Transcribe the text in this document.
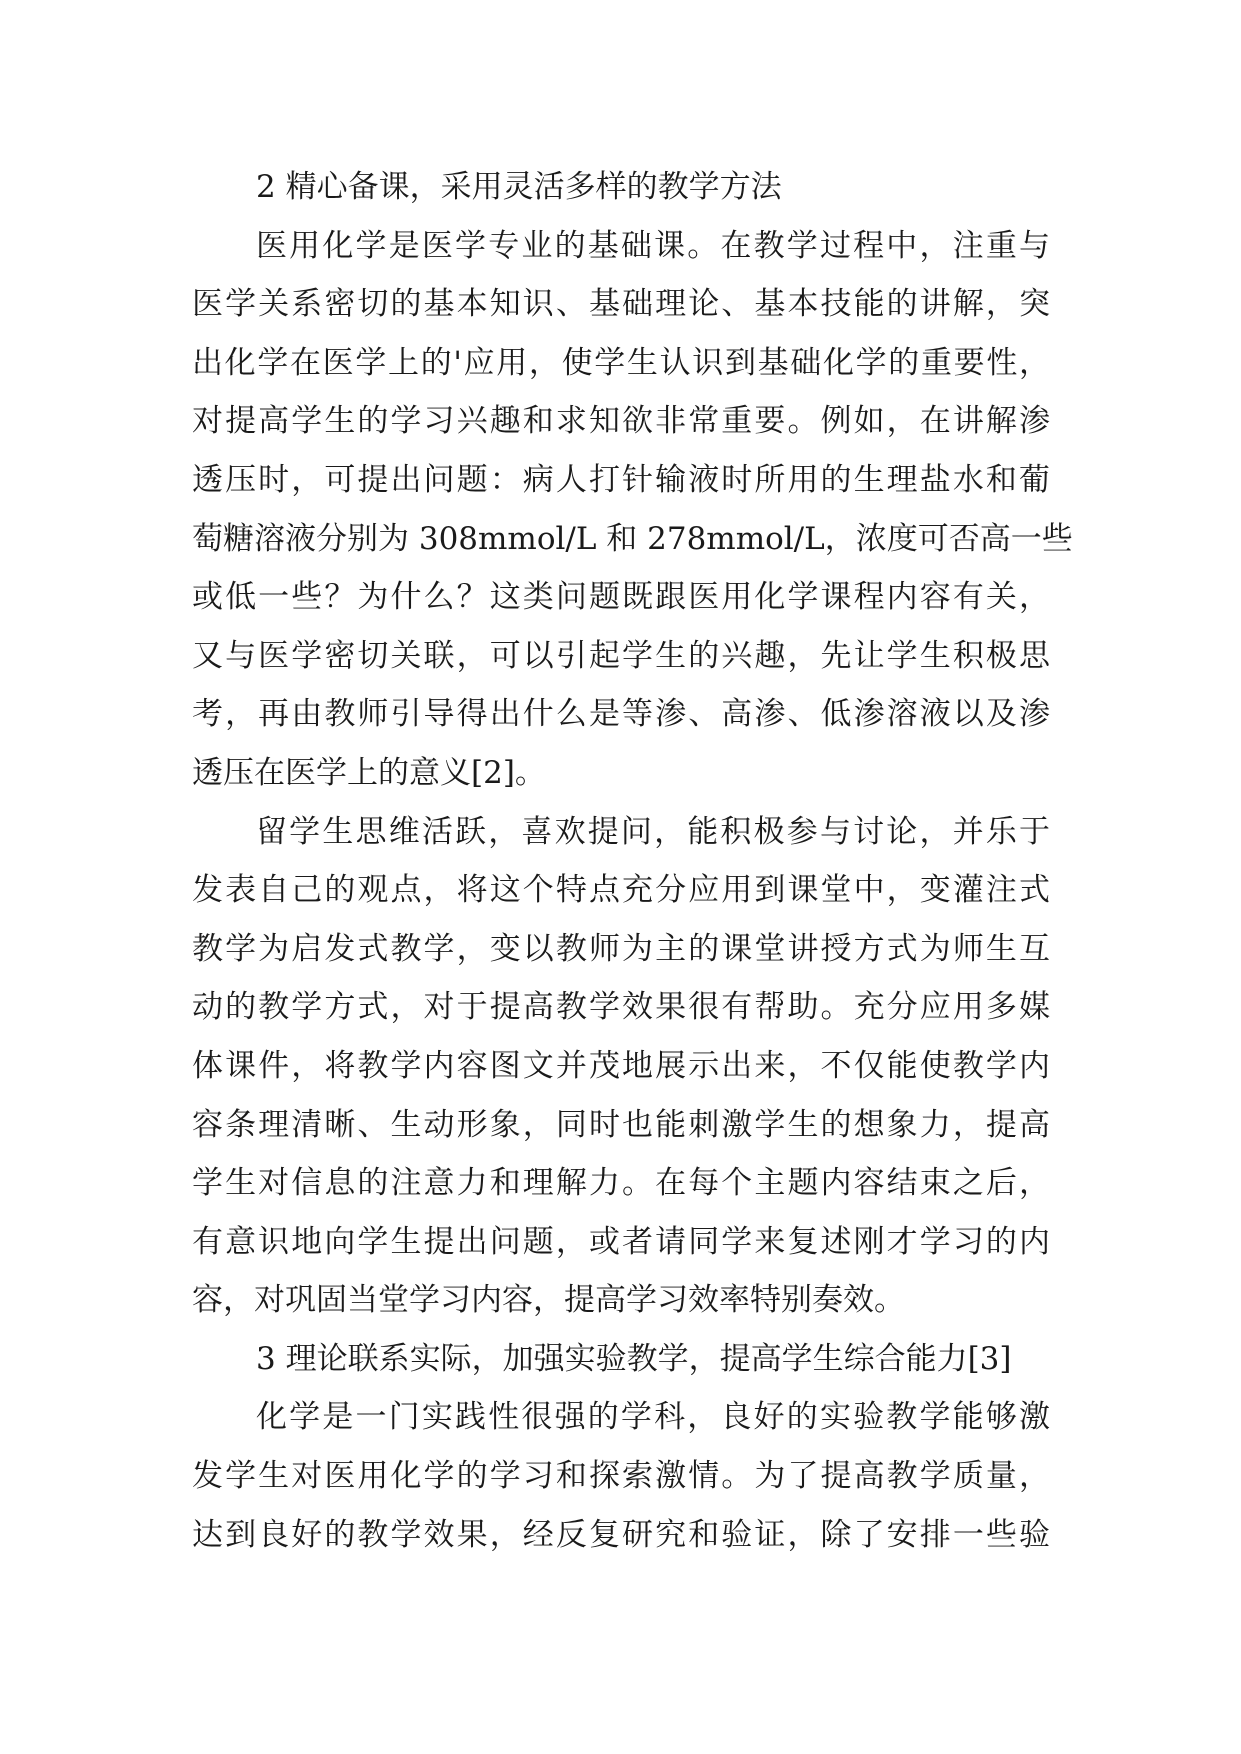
2 精心备课，采用灵活多样的教学方法
医用化学是医学专业的基础课。在教学过程中，注重与
医学关系密切的基本知识、基础理论、基本技能的讲解，突
出化学在医学上的'应用，使学生认识到基础化学的重要性，
对提高学生的学习兴趣和求知欲非常重要。例如，在讲解渗
透压时，可提出问题：病人打针输液时所用的生理盐水和葡
萄糖溶液分别为 308mmol/L 和 278mmol/L，浓度可否高一些
或低一些？为什么？这类问题既跟医用化学课程内容有关，
又与医学密切关联，可以引起学生的兴趣，先让学生积极思
考，再由教师引导得出什么是等渗、高渗、低渗溶液以及渗
透压在医学上的意义[2]。
留学生思维活跃，喜欢提问，能积极参与讨论，并乐于
发表自己的观点，将这个特点充分应用到课堂中，变灌注式
教学为启发式教学，变以教师为主的课堂讲授方式为师生互
动的教学方式，对于提高教学效果很有帮助。充分应用多媒
体课件，将教学内容图文并茂地展示出来，不仅能使教学内
容条理清晰、生动形象，同时也能刺激学生的想象力，提高
学生对信息的注意力和理解力。在每个主题内容结束之后，
有意识地向学生提出问题，或者请同学来复述刚才学习的内
容，对巩固当堂学习内容，提高学习效率特别奏效。
3 理论联系实际，加强实验教学，提高学生综合能力[3]
化学是一门实践性很强的学科，良好的实验教学能够激
发学生对医用化学的学习和探索激情。为了提高教学质量，
达到良好的教学效果，经反复研究和验证，除了安排一些验
